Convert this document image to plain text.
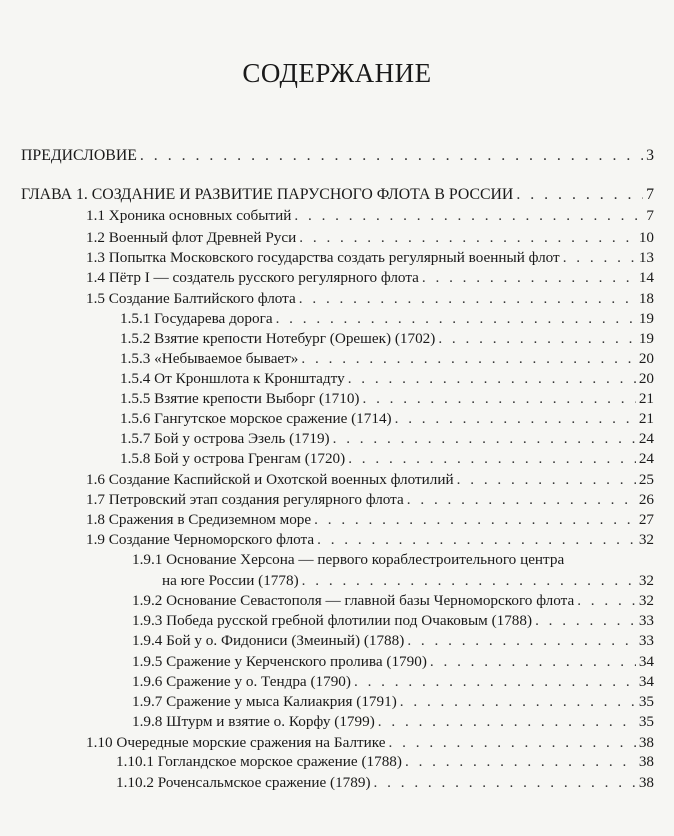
СОДЕРЖАНИЕ
ПРЕДИСЛОВИЕ . . .	3
ГЛАВА 1. СОЗДАНИЕ И РАЗВИТИЕ ПАРУСНОГО ФЛОТА В РОССИИ . . .	7
1.1 Хроника основных событий . . .	7
1.2 Военный флот Древней Руси . . .	10
1.3 Попытка Московского государства создать регулярный военный флот . . .	13
1.4 Пётр I — создатель русского регулярного флота . . .	14
1.5 Создание Балтийского флота . . .	18
1.5.1 Государева дорога . . .	19
1.5.2 Взятие крепости Нотебург (Орешек) (1702) . . .	19
1.5.3 «Небываемое бывает» . . .	20
1.5.4 От Кроншлота к Кронштадту . . .	20
1.5.5 Взятие крепости Выборг (1710) . . .	21
1.5.6 Гангутское морское сражение (1714) . . .	21
1.5.7 Бой у острова Эзель (1719) . . .	24
1.5.8 Бой у острова Гренгам (1720) . . .	24
1.6 Создание Каспийской и Охотской военных флотилий . . .	25
1.7 Петровский этап создания регулярного флота . . .	26
1.8 Сражения в Средиземном море . . .	27
1.9 Создание Черноморского флота . . .	32
1.9.1 Основание Херсона — первого кораблестроительного центра
на юге России (1778) . . .	32
1.9.2 Основание Севастополя — главной базы Черноморского флота . . .	32
1.9.3 Победа русской гребной флотилии под Очаковым (1788) . . .	33
1.9.4 Бой у о. Фидониси (Змеиный) (1788) . . .	33
1.9.5 Сражение у Керченского пролива (1790) . . .	34
1.9.6 Сражение у о. Тендра (1790) . . .	34
1.9.7 Сражение у мыса Калиакрия (1791) . . .	35
1.9.8 Штурм и взятие о. Корфу (1799) . . .	35
1.10 Очередные морские сражения на Балтике . . .	38
1.10.1 Гогландское морское сражение (1788) . . .	38
1.10.2 Роченсальмское сражение (1789) . . .	38
